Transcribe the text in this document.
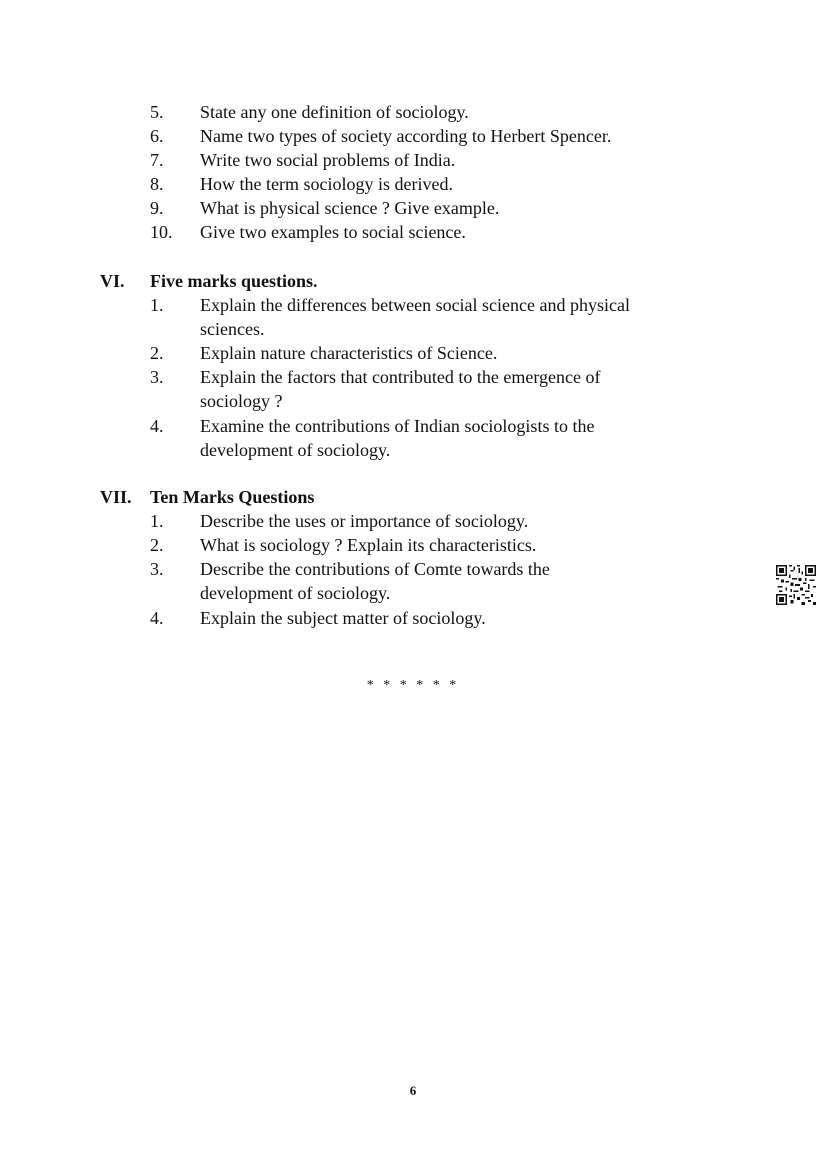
5.	State any one definition of sociology.
6.	Name two types of society according to Herbert Spencer.
7.	Write two social problems of India.
8.	How the term sociology is derived.
9.	What is physical science ? Give example.
10.	Give two examples to social science.
VI. Five marks questions.
1.	Explain the differences between social science and physical sciences.
2.	Explain nature characteristics of Science.
3.	Explain the factors that contributed to the emergence of sociology ?
4.	Examine the contributions of Indian sociologists to the development of sociology.
VII. Ten Marks Questions
1.	Describe the uses or importance of sociology.
2.	What is sociology ? Explain its characteristics.
3.	Describe the contributions of Comte towards the development of sociology.
4.	Explain the subject matter of sociology.
* * * * * *
6
